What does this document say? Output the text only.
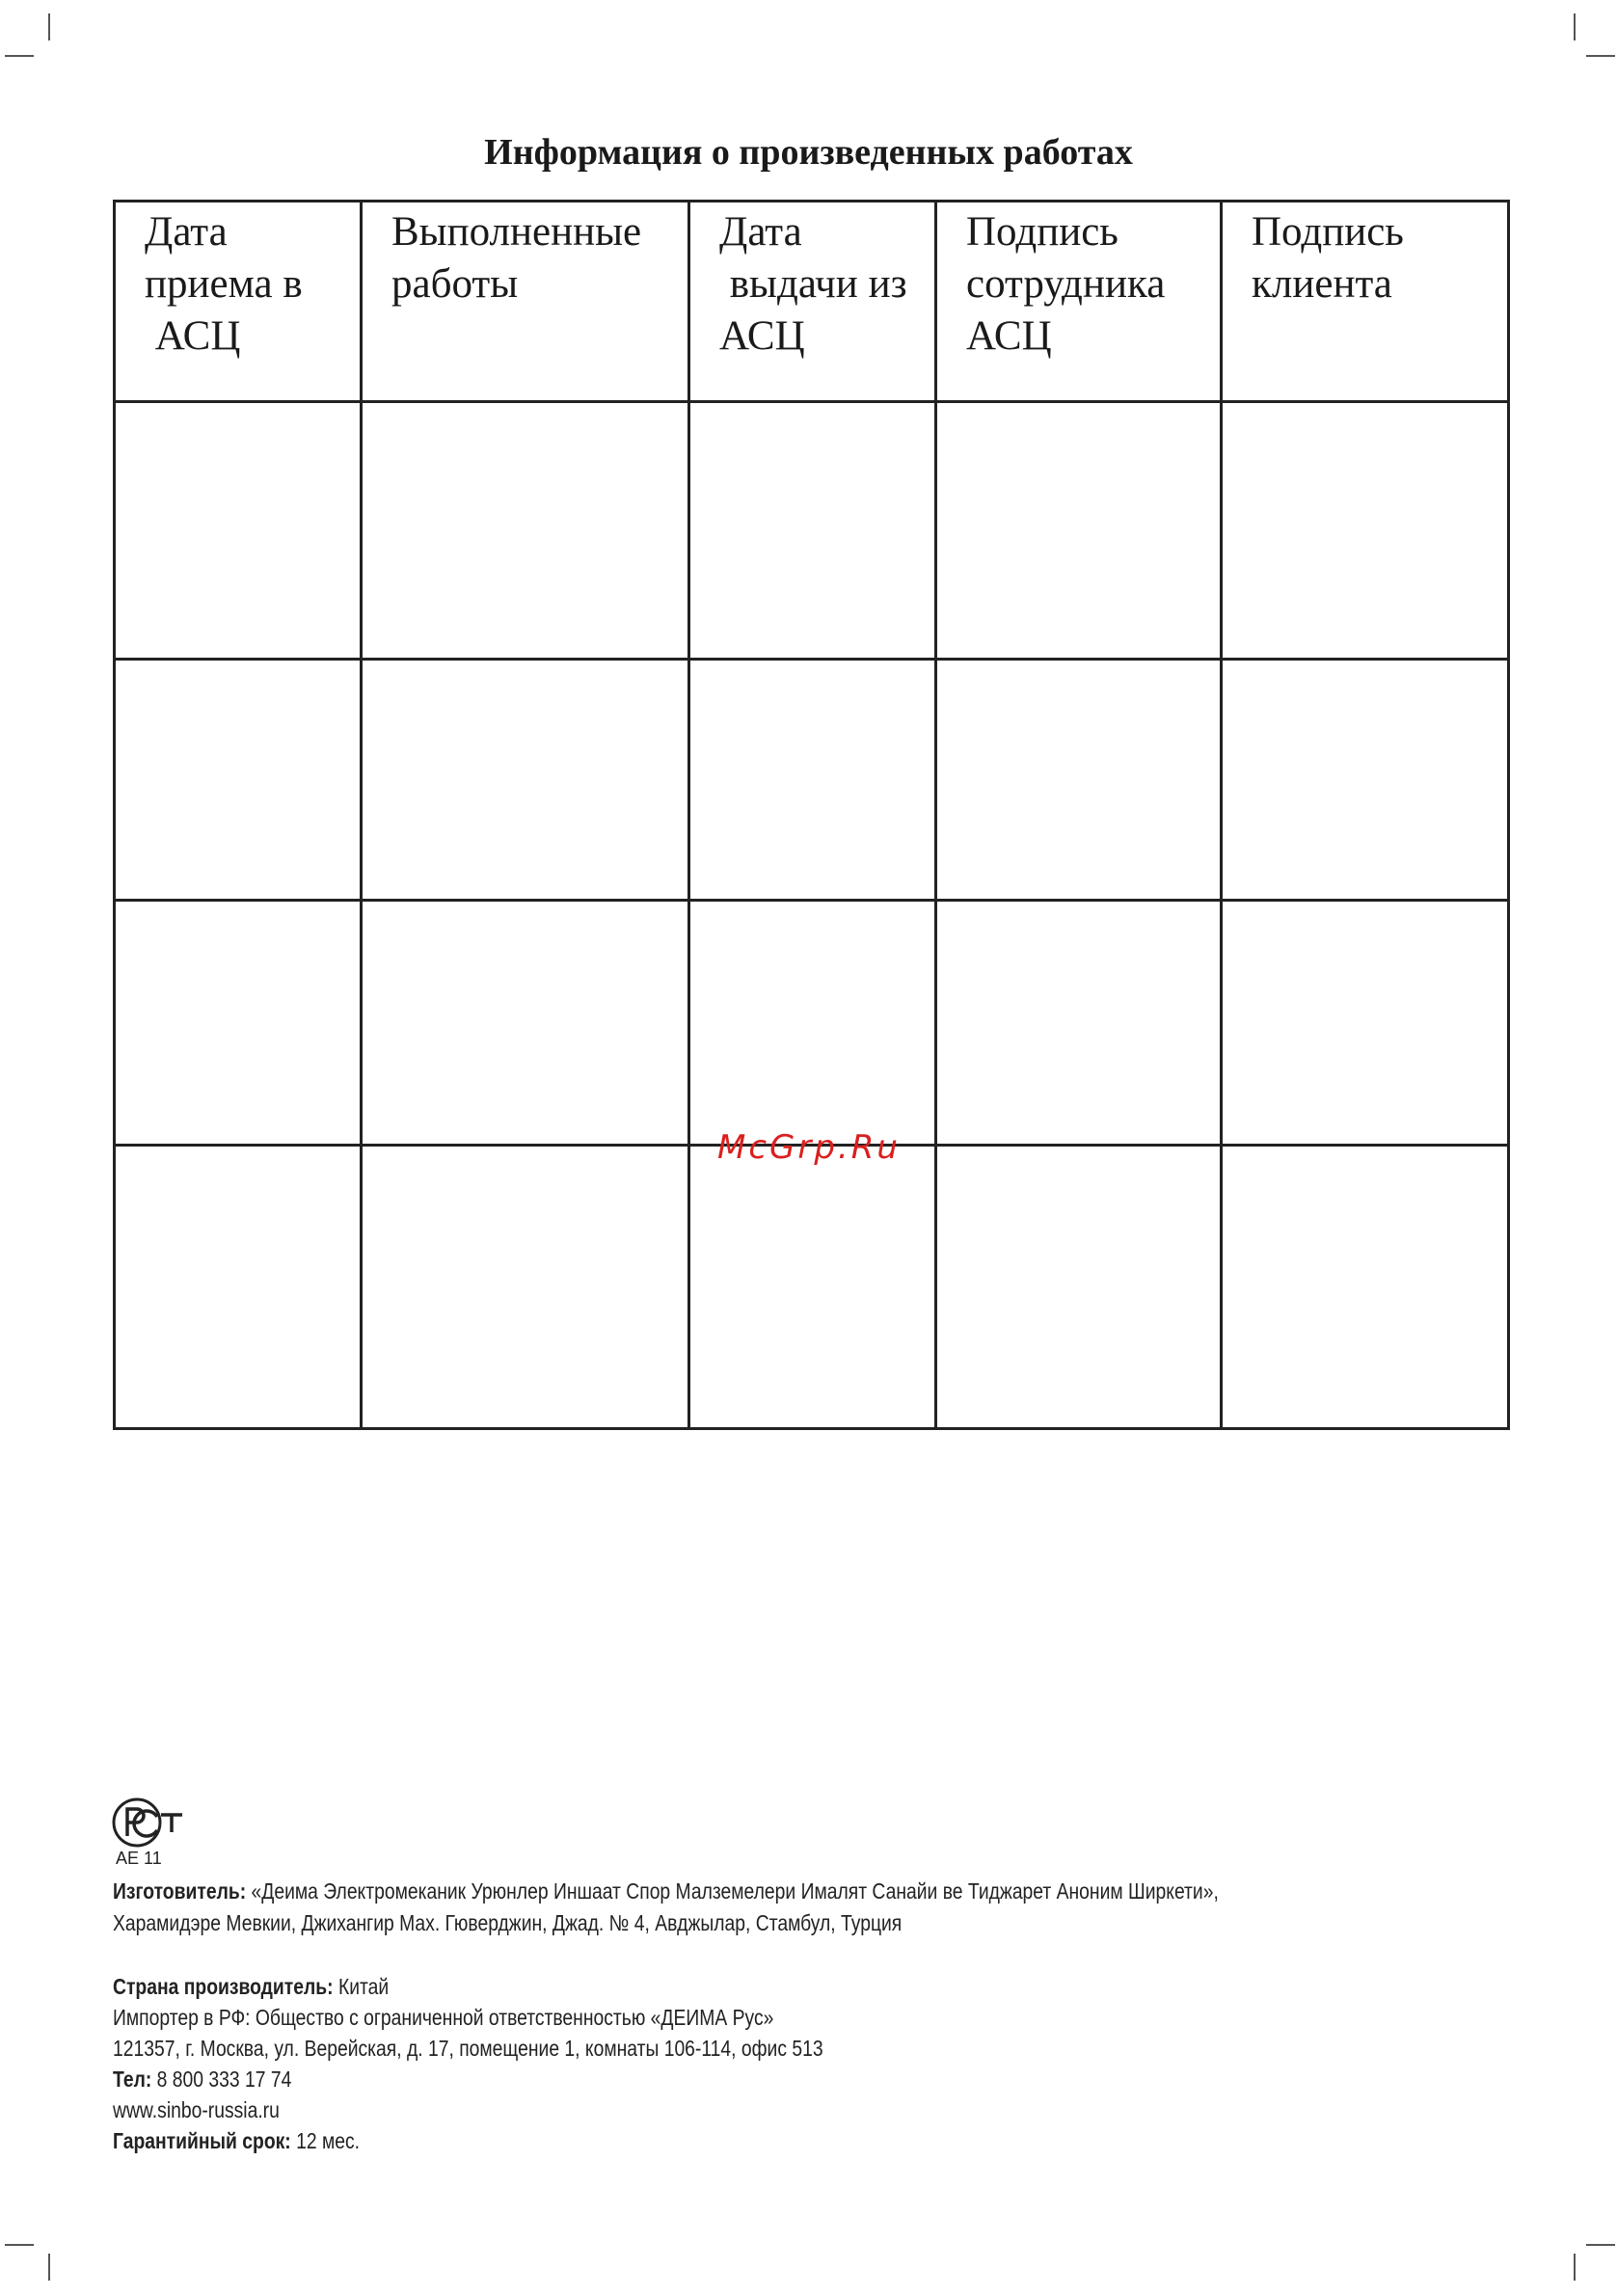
Информация о произведенных работах
Дата
приема в
АСЦ	Выполненные
работы	Дата
выдачи из
АСЦ	Подпись
сотрудника
АСЦ	Подпись
клиента

McGrp.Ru
АЕ 11
Изготовитель: «Деима Электромеканик Урюнлер Иншаат Спор Малземелери Ималят Санайи ве Тиджарет Аноним Ширкети»,
Харамидэре Мевкии, Джихангир Мах. Гюверджин, Джад. № 4, Авджылар, Стамбул, Турция
Страна производитель: Китай
Импортер в РФ: Общество с ограниченной ответственностью «ДЕИМА Рус»
121357, г. Москва, ул. Верейская, д. 17, помещение 1, комнаты 106-114, офис 513
Тел: 8 800 333 17 74
www.sinbo-russia.ru
Гарантийный срок: 12 мес.
